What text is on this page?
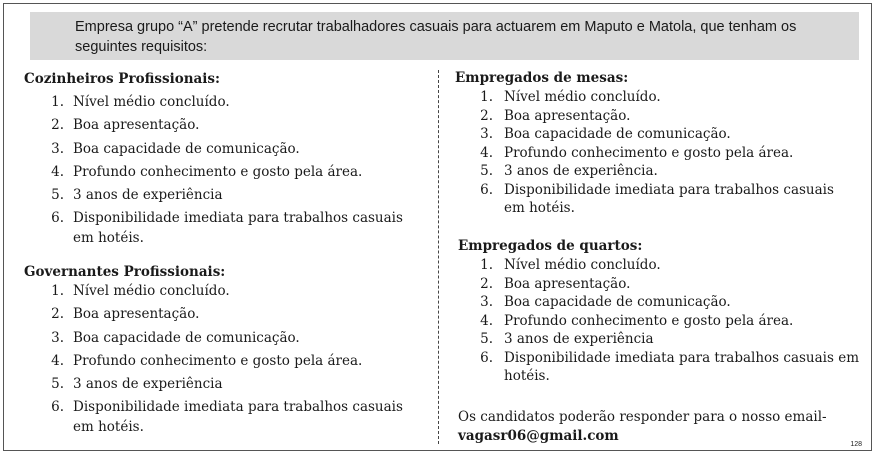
Empresa grupo “A” pretende recrutar trabalhadores casuais para actuarem em Maputo e Matola, que tenham os seguintes requisitos:
Cozinheiros Profissionais:
1. Nível médio concluído.
2. Boa apresentação.
3. Boa capacidade de comunicação.
4. Profundo conhecimento e gosto pela área.
5. 3 anos de experiência
6. Disponibilidade imediata para trabalhos casuais em hotéis.
Governantes Profissionais:
1. Nível médio concluído.
2. Boa apresentação.
3. Boa capacidade de comunicação.
4. Profundo conhecimento e gosto pela área.
5. 3 anos de experiência
6. Disponibilidade imediata para trabalhos casuais em hotéis.
Empregados de mesas:
1. Nível médio concluído.
2. Boa apresentação.
3. Boa capacidade de comunicação.
4. Profundo conhecimento e gosto pela área.
5. 3 anos de experiência.
6. Disponibilidade imediata para trabalhos casuais em hotéis.
Empregados de quartos:
1. Nível médio concluído.
2. Boa apresentação.
3. Boa capacidade de comunicação.
4. Profundo conhecimento e gosto pela área.
5. 3 anos de experiência
6. Disponibilidade imediata para trabalhos casuais em hotéis.
Os candidatos poderão responder para o nosso email-
vagasr06@gmail.com
128
